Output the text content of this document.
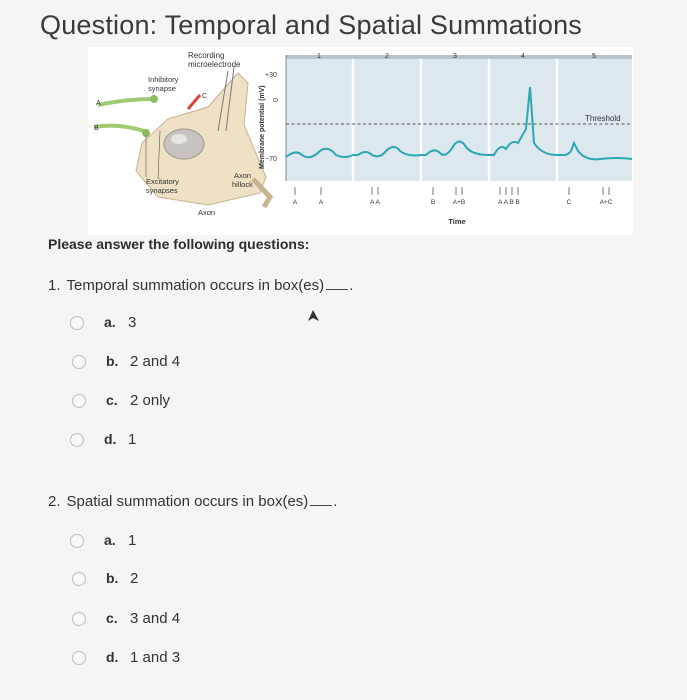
Question: Temporal and Spatial Summations
Recording
microelectrode
Inhibitory
synapse
C
A
B
Excitatory
synapses
Axon
hillock
Axon
Membrane potential (mV)
+30
0
−70
1	2	3	4	5
Threshold
A	A	A A	B	A+B	A A B B	C	A+C
Time
Please answer the following questions:
1. Temporal summation occurs in box(es) .
a. 3
b. 2 and 4
c. 2 only
d. 1
2. Spatial summation occurs in box(es) .
a. 1
b. 2
c. 3 and 4
d. 1 and 3
